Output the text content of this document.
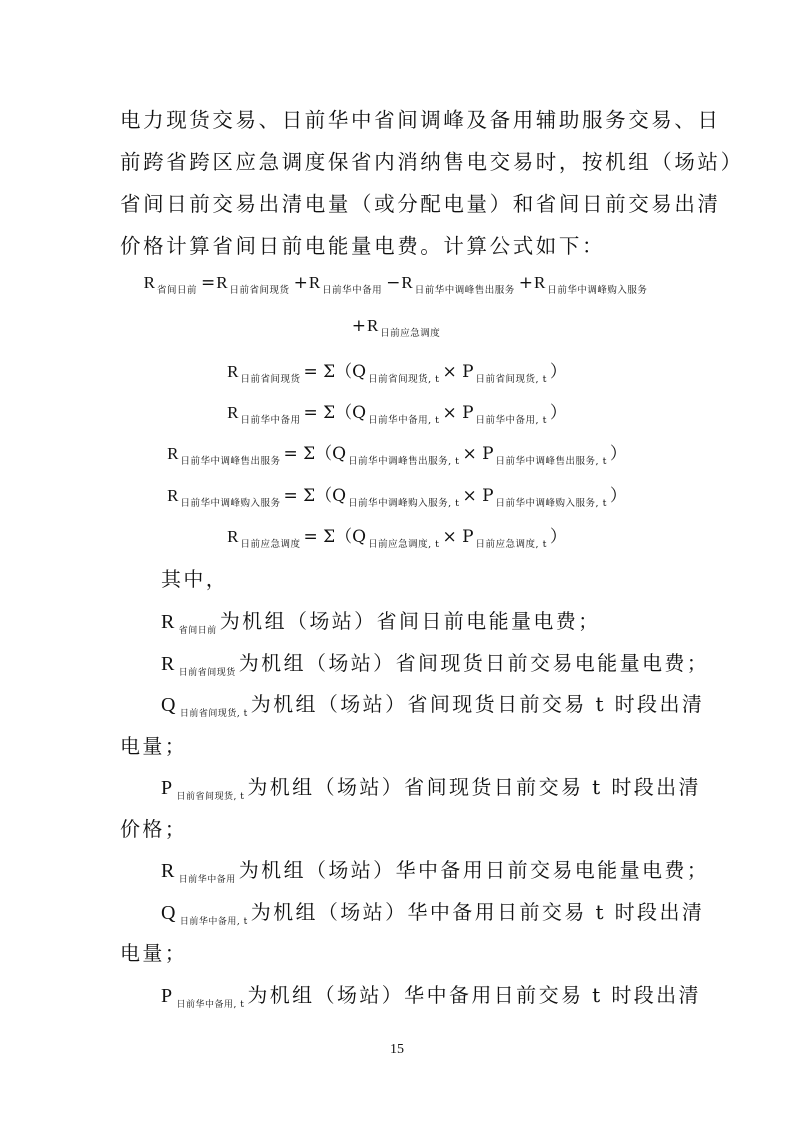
电力现货交易、日前华中省间调峰及备用辅助服务交易、日
前跨省跨区应急调度保省内消纳售电交易时，按机组（场站）
省间日前交易出清电量（或分配电量）和省间日前交易出清
价格计算省间日前电能量电费。计算公式如下：
R $_{省间日前}$ =R $_{日前省间现货}$ +R $_{日前华中备用}$ −R $_{日前华中调峰售出服务}$ +R $_{日前华中调峰购入服务}$
+R $_{日前应急调度}$
R $_{日前省间现货}$ = Σ（Q $_{日前省间现货, t}$ × P $_{日前省间现货, t}$ ）
R $_{日前华中备用}$ = Σ（Q $_{日前华中备用, t}$ × P $_{日前华中备用, t}$ ）
R $_{日前华中调峰售出服务}$ = Σ（Q $_{日前华中调峰售出服务, t}$ × P $_{日前华中调峰售出服务, t}$ ）
R $_{日前华中调峰购入服务}$ = Σ（Q $_{日前华中调峰购入服务, t}$ × P $_{日前华中调峰购入服务, t}$ ）
R $_{日前应急调度}$ = Σ（Q $_{日前应急调度, t}$ × P $_{日前应急调度, t}$ ）
其中，
R $_{省间日前}$ 为机组（场站）省间日前电能量电费；
R $_{日前省间现货}$ 为机组（场站）省间现货日前交易电能量电费；
Q $_{日前省间现货, t}$ 为机组（场站）省间现货日前交易 t 时段出清
电量；
P $_{日前省间现货, t}$ 为机组（场站）省间现货日前交易 t 时段出清
价格；
R $_{日前华中备用}$ 为机组（场站）华中备用日前交易电能量电费；
Q $_{日前华中备用, t}$ 为机组（场站）华中备用日前交易 t 时段出清
电量；
P $_{日前华中备用, t}$ 为机组（场站）华中备用日前交易 t 时段出清
15
